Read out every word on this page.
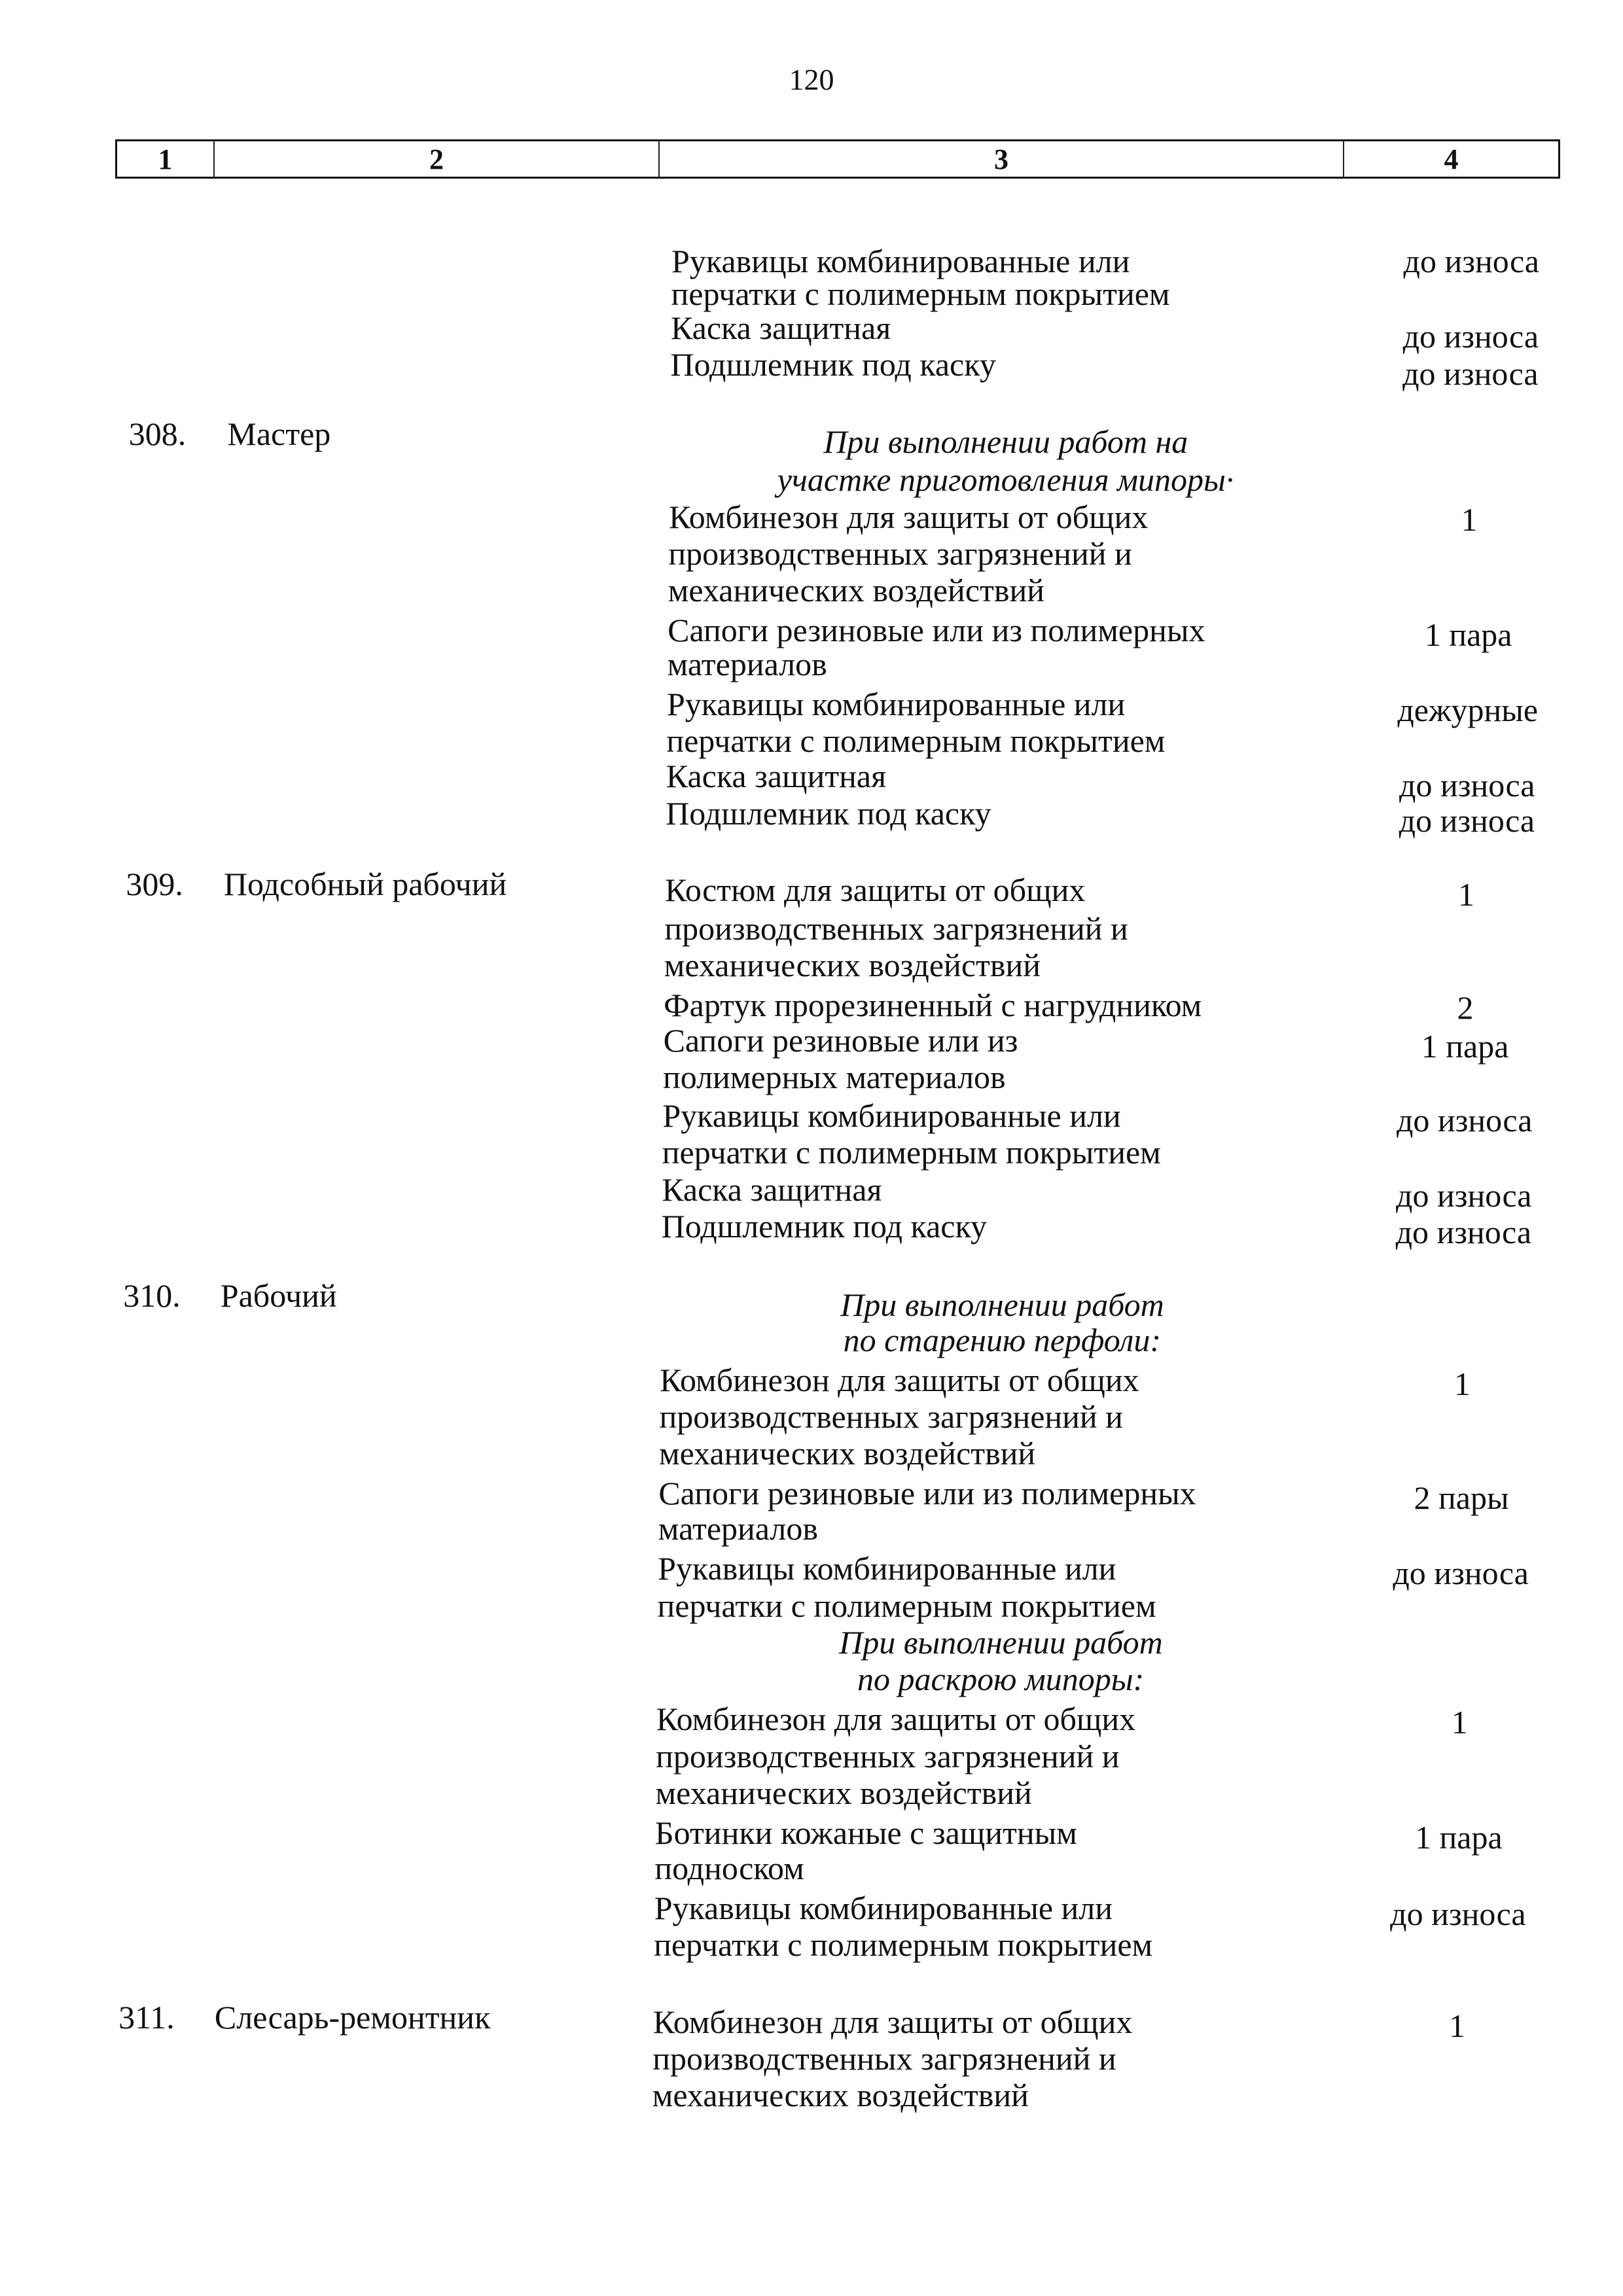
120
1	2	3	4
Рукавицы комбинированные или
перчатки с полимерным покрытием
до износа
Каска защитная	до износа
Подшлемник под каску	до износа
308. Мастер	При выполнении работ на
участке приготовления мипоры·
Комбинезон для защиты от общих
производственных загрязнений и
механических воздействий
1
Сапоги резиновые или из полимерных
материалов
1 пара
Рукавицы комбинированные или
перчатки с полимерным покрытием
дежурные
Каска защитная	до износа
Подшлемник под каску	до износа
309. Подсобный рабочий	Костюм для защиты от общих
производственных загрязнений и
механических воздействий
1
Фартук прорезиненный с нагрудником	2
Сапоги резиновые или из
полимерных материалов
1 пара
Рукавицы комбинированные или
перчатки с полимерным покрытием
до износа
Каска защитная	до износа
Подшлемник под каску	до износа
310. Рабочий	При выполнении работ
по старению перфоли:
Комбинезон для защиты от общих
производственных загрязнений и
механических воздействий
1
Сапоги резиновые или из полимерных
материалов
2 пары
Рукавицы комбинированные или
перчатки с полимерным покрытием
до износа
При выполнении работ
по раскрою мипоры:
Комбинезон для защиты от общих
производственных загрязнений и
механических воздействий
1
Ботинки кожаные с защитным
подноском
1 пара
Рукавицы комбинированные или
перчатки с полимерным покрытием
до износа
311. Слесарь-ремонтник	Комбинезон для защиты от общих
производственных загрязнений и
механических воздействий
1
